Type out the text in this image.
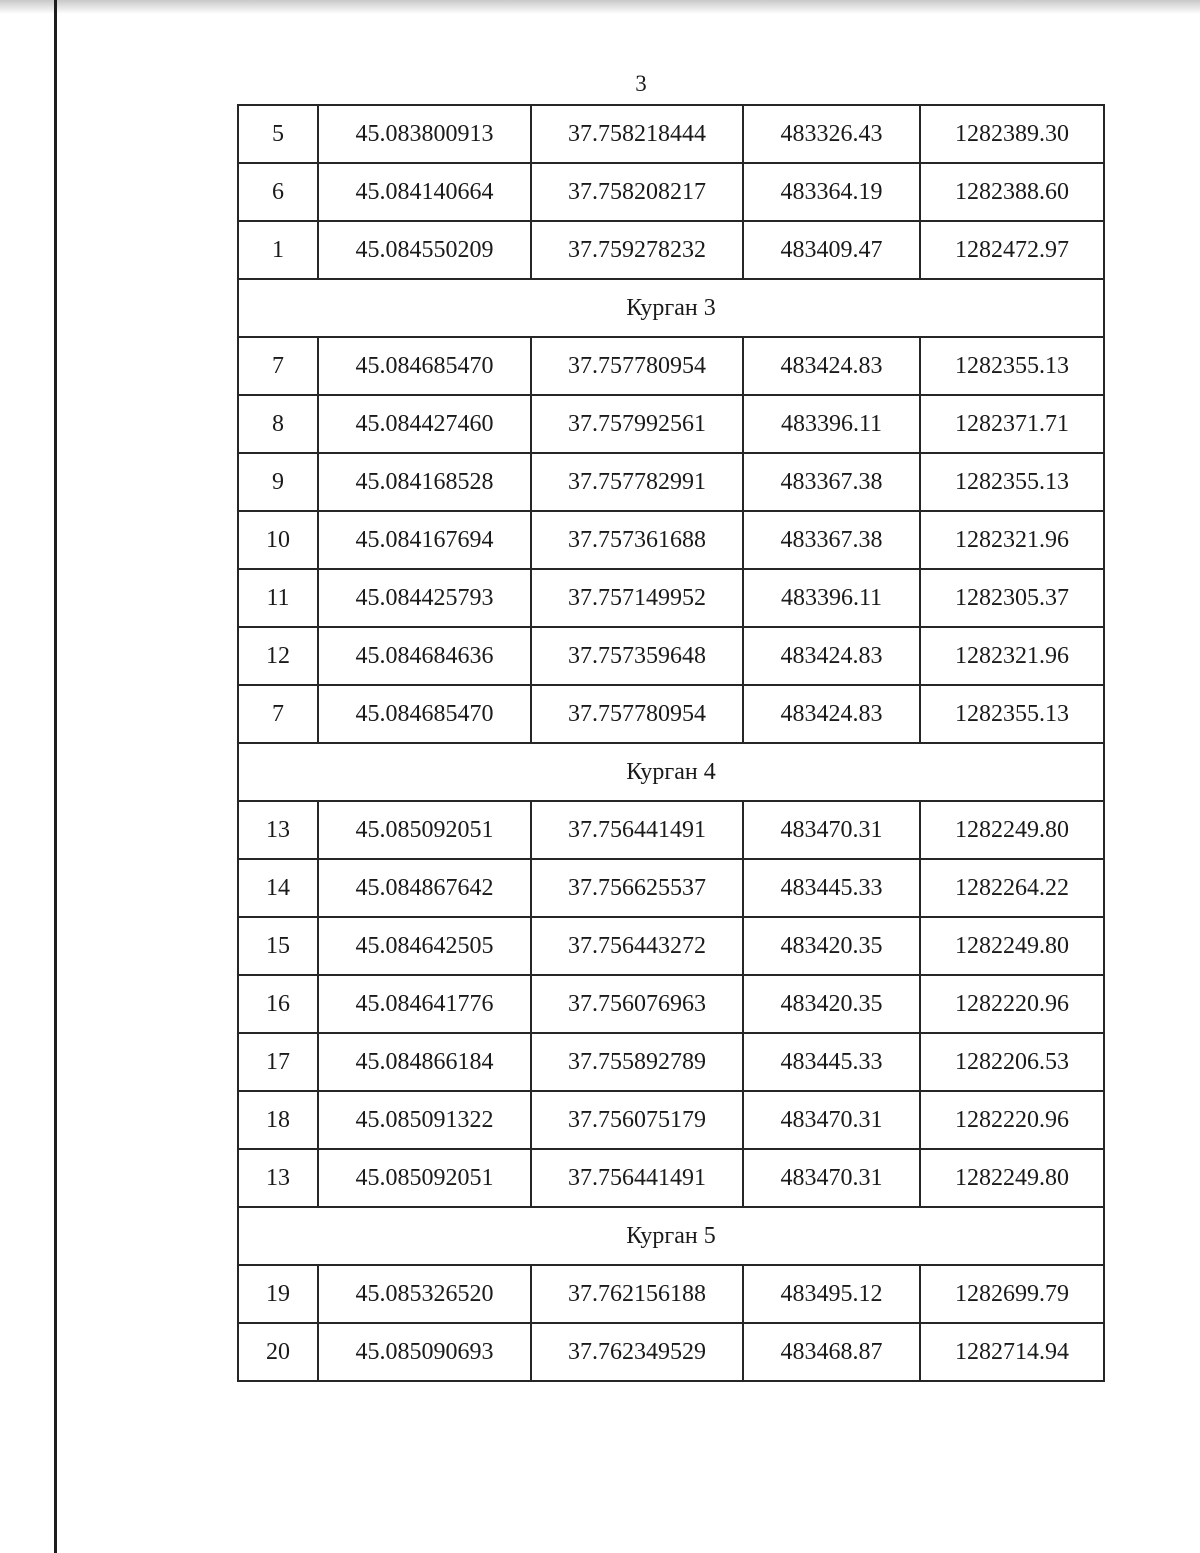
3
5	45.083800913	37.758218444	483326.43	1282389.30
6	45.084140664	37.758208217	483364.19	1282388.60
1	45.084550209	37.759278232	483409.47	1282472.97
Курган 3				
7	45.084685470	37.757780954	483424.83	1282355.13
8	45.084427460	37.757992561	483396.11	1282371.71
9	45.084168528	37.757782991	483367.38	1282355.13
10	45.084167694	37.757361688	483367.38	1282321.96
11	45.084425793	37.757149952	483396.11	1282305.37
12	45.084684636	37.757359648	483424.83	1282321.96
7	45.084685470	37.757780954	483424.83	1282355.13
Курган 4				
13	45.085092051	37.756441491	483470.31	1282249.80
14	45.084867642	37.756625537	483445.33	1282264.22
15	45.084642505	37.756443272	483420.35	1282249.80
16	45.084641776	37.756076963	483420.35	1282220.96
17	45.084866184	37.755892789	483445.33	1282206.53
18	45.085091322	37.756075179	483470.31	1282220.96
13	45.085092051	37.756441491	483470.31	1282249.80
Курган 5				
19	45.085326520	37.762156188	483495.12	1282699.79
20	45.085090693	37.762349529	483468.87	1282714.94
